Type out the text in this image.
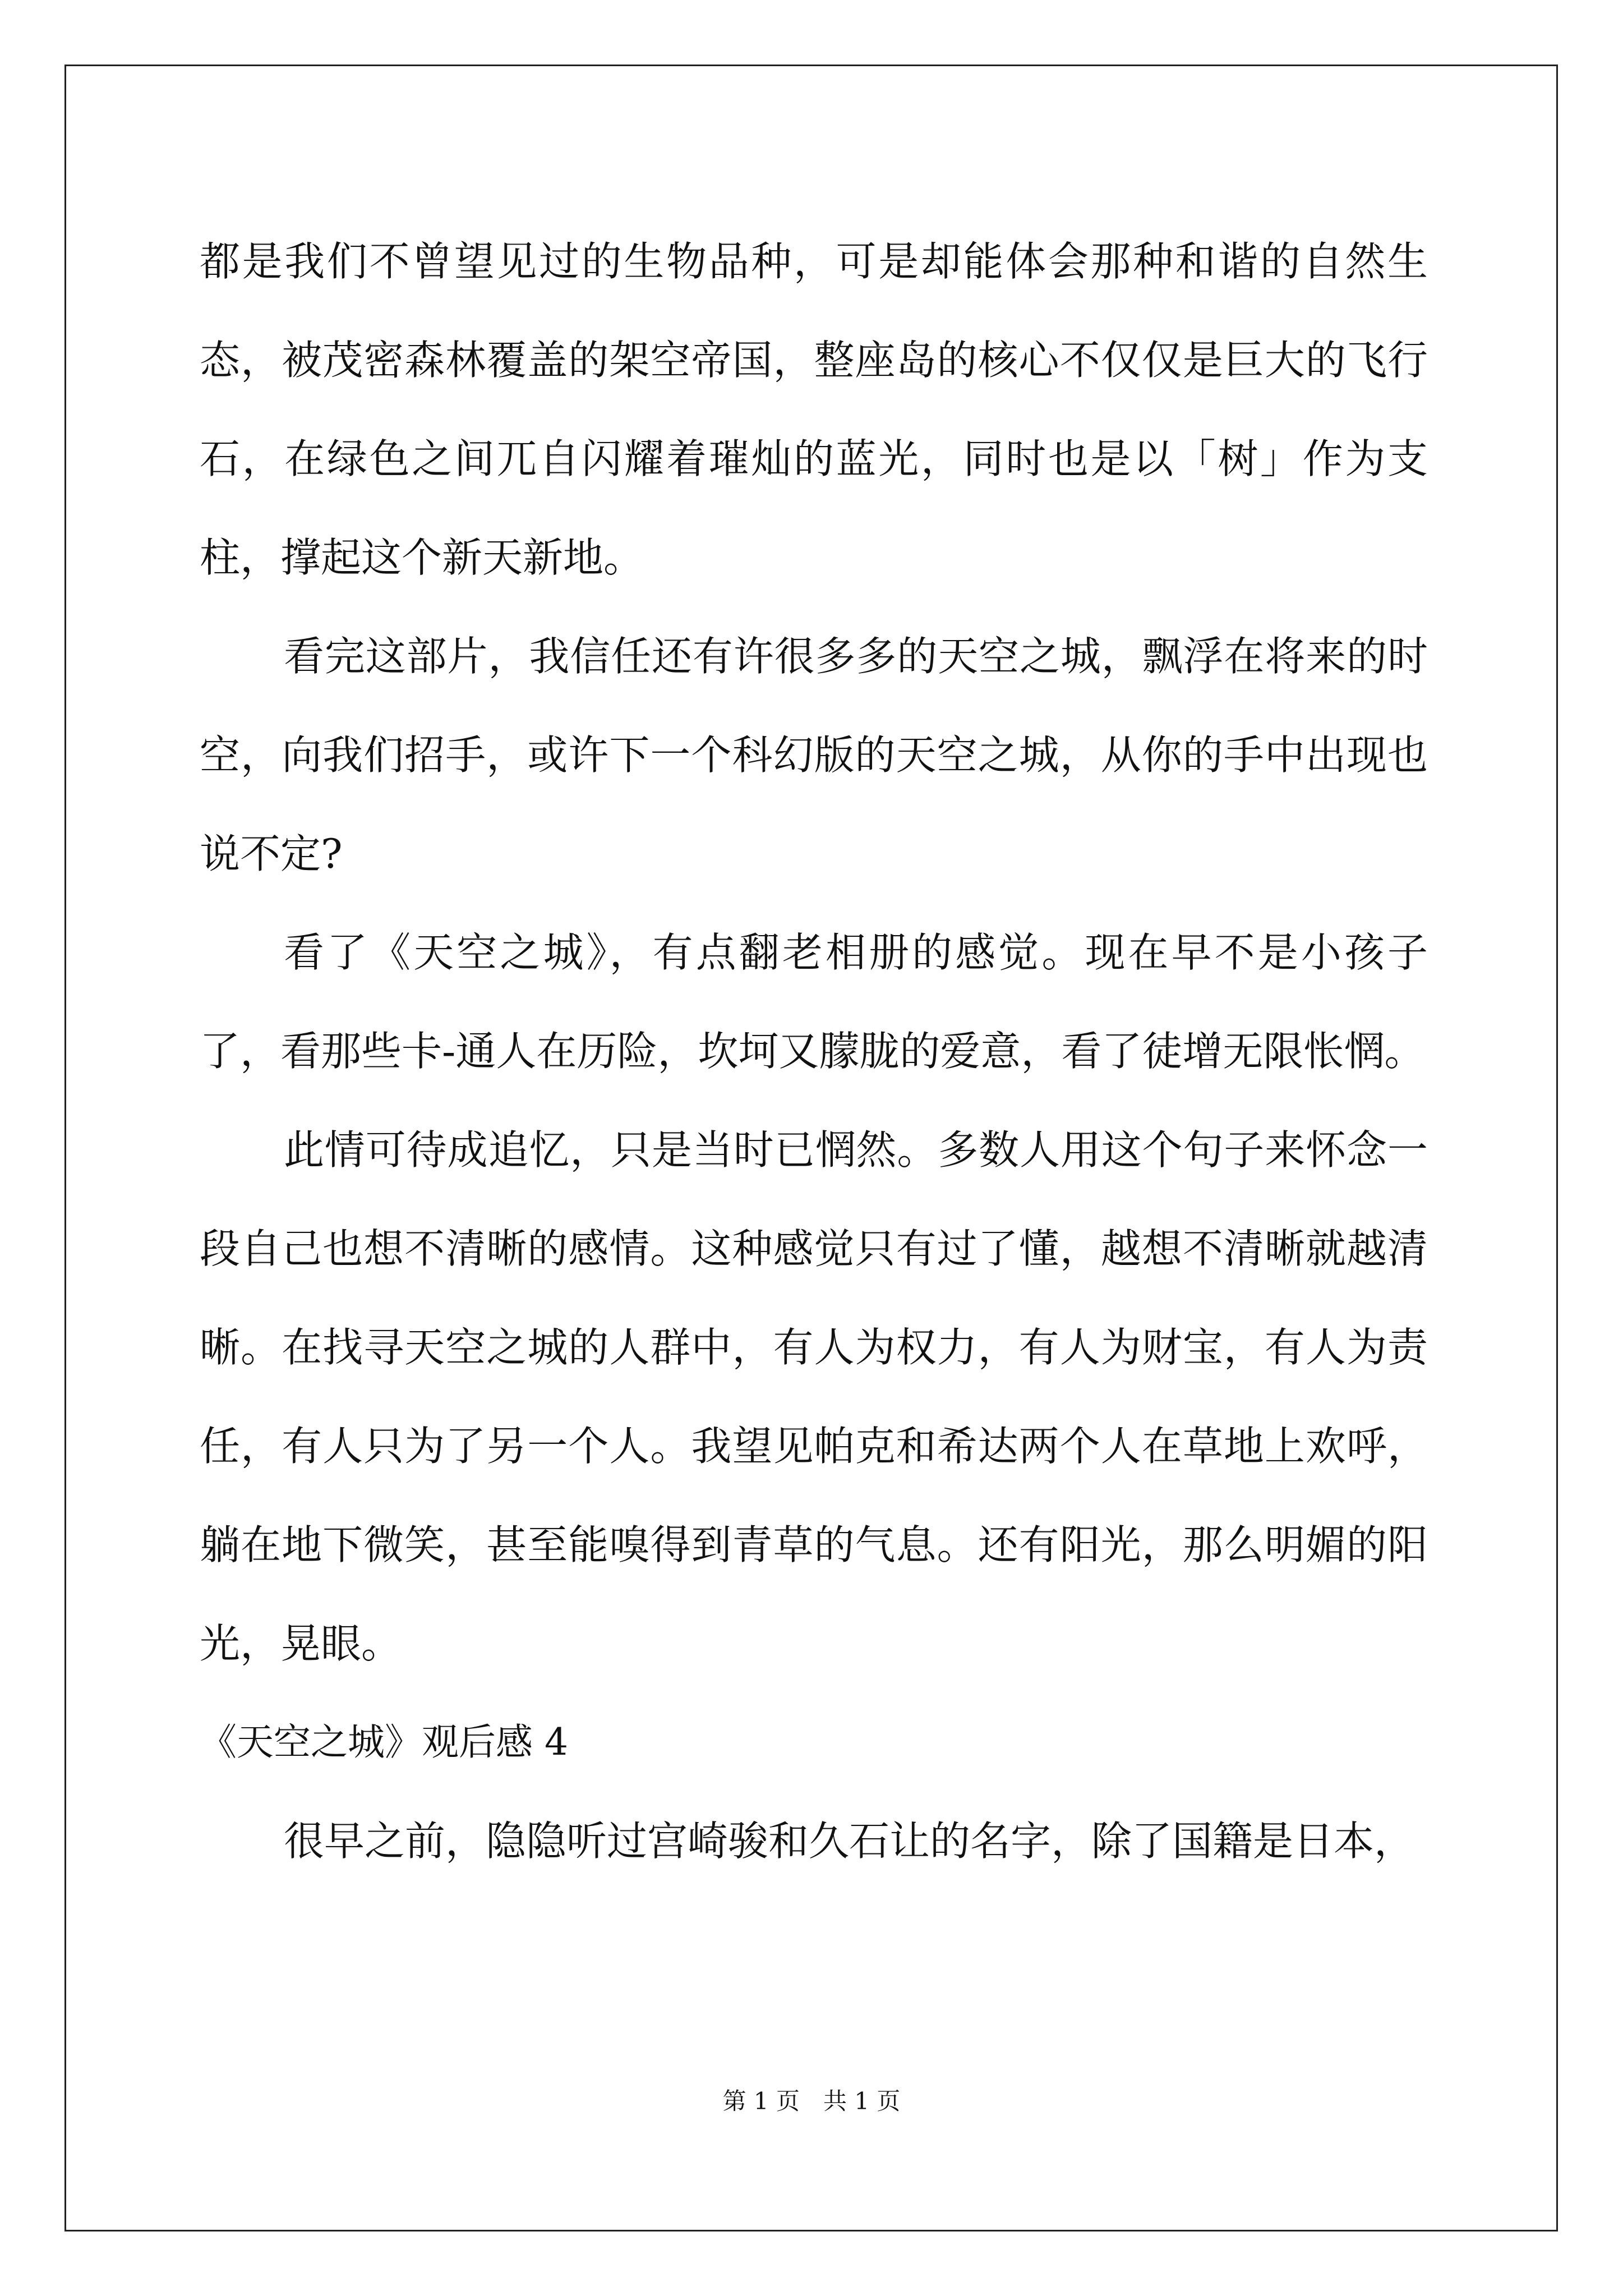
都是我们不曾望见过的生物品种，可是却能体会那种和谐的自然生态，被茂密森林覆盖的架空帝国，整座岛的核心不仅仅是巨大的飞行石，在绿色之间兀自闪耀着璀灿的蓝光，同时也是以「树」作为支柱，撑起这个新天新地。

看完这部片，我信任还有许很多多的天空之城，飘浮在将来的时空，向我们招手，或许下一个科幻版的天空之城，从你的手中出现也说不定?

看了《天空之城》，有点翻老相册的感觉。现在早不是小孩子了，看那些卡-通人在历险，坎坷又朦胧的爱意，看了徒增无限怅惘。

此情可待成追忆，只是当时已惘然。多数人用这个句子来怀念一段自己也想不清晰的感情。这种感觉只有过了懂，越想不清晰就越清晰。在找寻天空之城的人群中，有人为权力，有人为财宝，有人为责任，有人只为了另一个人。我望见帕克和希达两个人在草地上欢呼，躺在地下微笑，甚至能嗅得到青草的气息。还有阳光，那么明媚的阳光，晃眼。

《天空之城》观后感 4

很早之前，隐隐听过宫崎骏和久石让的名字，除了国籍是日本，

第 1 页　共 1 页
